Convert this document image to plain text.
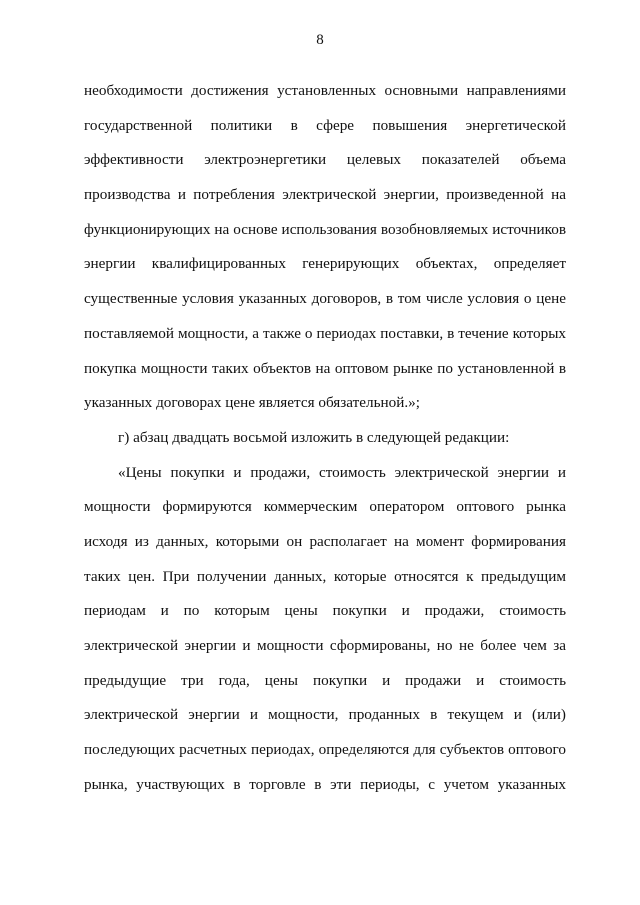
8
необходимости достижения установленных основными направлениями
государственной политики в сфере повышения энергетической
эффективности электроэнергетики целевых показателей объема
производства и потребления электрической энергии, произведенной на
функционирующих на основе использования возобновляемых источников
энергии квалифицированных генерирующих объектах, определяет
существенные условия указанных договоров, в том числе условия о цене
поставляемой мощности, а также о периодах поставки, в течение которых
покупка мощности таких объектов на оптовом рынке по установленной в
указанных договорах цене является обязательной.»;
г) абзац двадцать восьмой изложить в следующей редакции:
«Цены покупки и продажи, стоимость электрической энергии и
мощности формируются коммерческим оператором оптового рынка
исходя из данных, которыми он располагает на момент формирования
таких цен. При получении данных, которые относятся к предыдущим
периодам и по которым цены покупки и продажи, стоимость
электрической энергии и мощности сформированы, но не более чем за
предыдущие три года, цены покупки и продажи и стоимость
электрической энергии и мощности, проданных в текущем и (или)
последующих расчетных периодах, определяются для субъектов оптового
рынка, участвующих в торговле в эти периоды, с учетом указанных
